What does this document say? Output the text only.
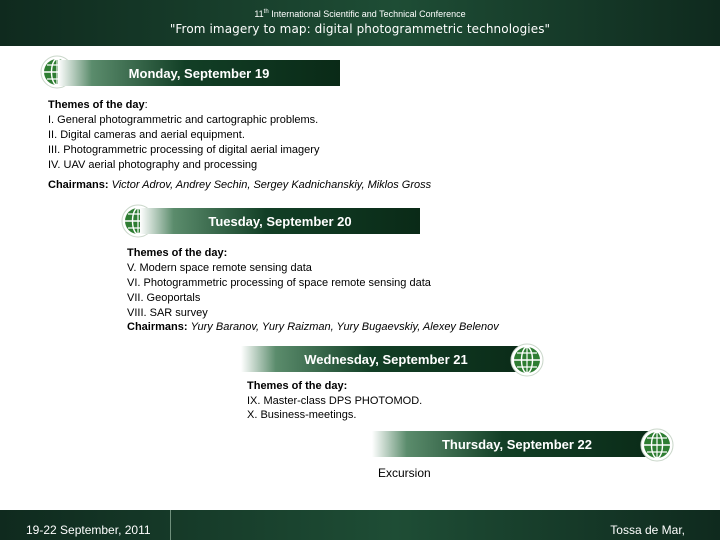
11th International Scientific and Technical Conference
"From imagery to map: digital photogrammetric technologies"
Monday, September 19
Themes of the day:
I. General photogrammetric and cartographic problems.
II. Digital cameras and aerial equipment.
III. Photogrammetric processing of digital aerial imagery
IV. UAV aerial photography and processing
Chairmans: Victor Adrov, Andrey Sechin, Sergey Kadnichanskiy, Miklos Gross
Tuesday, September 20
Themes of the day:
V. Modern space remote sensing data
VI. Photogrammetric processing of space remote sensing data
VII. Geoportals
VIII. SAR survey
Chairmans: Yury Baranov, Yury Raizman, Yury Bugaevskiy, Alexey Belenov
Wednesday, September 21
Themes of the day:
IX. Master-class DPS PHOTOMOD.
X. Business-meetings.
Thursday, September 22
Excursion
19-22 September, 2011	Tossa de Mar,
